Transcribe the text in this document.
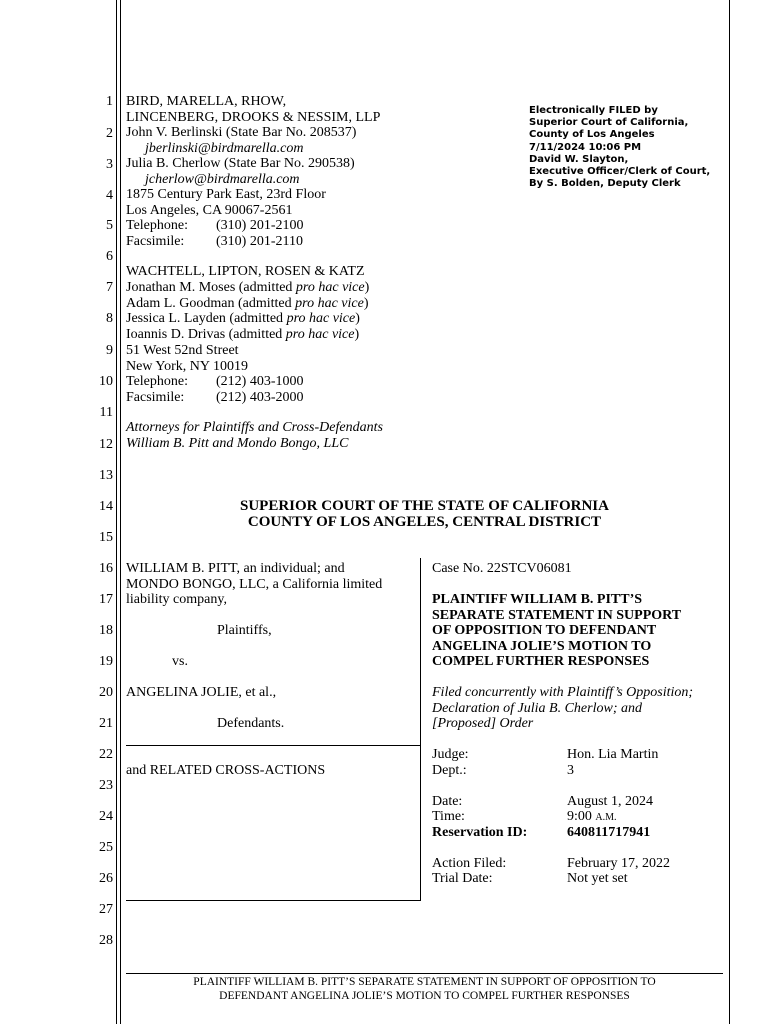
1
2
3
4
5
6
7
8
9
10
11
12
13
14
15
16
17
18
19
20
21
22
23
24
25
26
27
28
Electronically FILED by
Superior Court of California,
County of Los Angeles
7/11/2024 10:06 PM
David W. Slayton,
Executive Officer/Clerk of Court,
By S. Bolden, Deputy Clerk
BIRD, MARELLA, RHOW,
LINCENBERG, DROOKS & NESSIM, LLP
John V. Berlinski (State Bar No. 208537)
jberlinski@birdmarella.com
Julia B. Cherlow (State Bar No. 290538)
jcherlow@birdmarella.com
1875 Century Park East, 23rd Floor
Los Angeles, CA 90067-2561
Telephone: (310) 201-2100
Facsimile: (310) 201-2110
WACHTELL, LIPTON, ROSEN & KATZ
Jonathan M. Moses (admitted pro hac vice)
Adam L. Goodman (admitted pro hac vice)
Jessica L. Layden (admitted pro hac vice)
Ioannis D. Drivas (admitted pro hac vice)
51 West 52nd Street
New York, NY 10019
Telephone: (212) 403-1000
Facsimile: (212) 403-2000
Attorneys for Plaintiffs and Cross-Defendants
William B. Pitt and Mondo Bongo, LLC
SUPERIOR COURT OF THE STATE OF CALIFORNIA
COUNTY OF LOS ANGELES, CENTRAL DISTRICT
WILLIAM B. PITT, an individual; and
MONDO BONGO, LLC, a California limited
liability company,
Plaintiffs,
vs.
ANGELINA JOLIE, et al.,
Defendants.
and RELATED CROSS-ACTIONS
Case No. 22STCV06081
PLAINTIFF WILLIAM B. PITT’S
SEPARATE STATEMENT IN SUPPORT
OF OPPOSITION TO DEFENDANT
ANGELINA JOLIE’S MOTION TO
COMPEL FURTHER RESPONSES
Filed concurrently with Plaintiff’s Opposition;
Declaration of Julia B. Cherlow; and
[Proposed] Order
Judge:	Hon. Lia Martin
Dept.:	3
Date:	August 1, 2024
Time:	9:00 A.M.
Reservation ID:	640811717941
Action Filed:	February 17, 2022
Trial Date:	Not yet set
PLAINTIFF WILLIAM B. PITT’S SEPARATE STATEMENT IN SUPPORT OF OPPOSITION TO
DEFENDANT ANGELINA JOLIE’S MOTION TO COMPEL FURTHER RESPONSES
